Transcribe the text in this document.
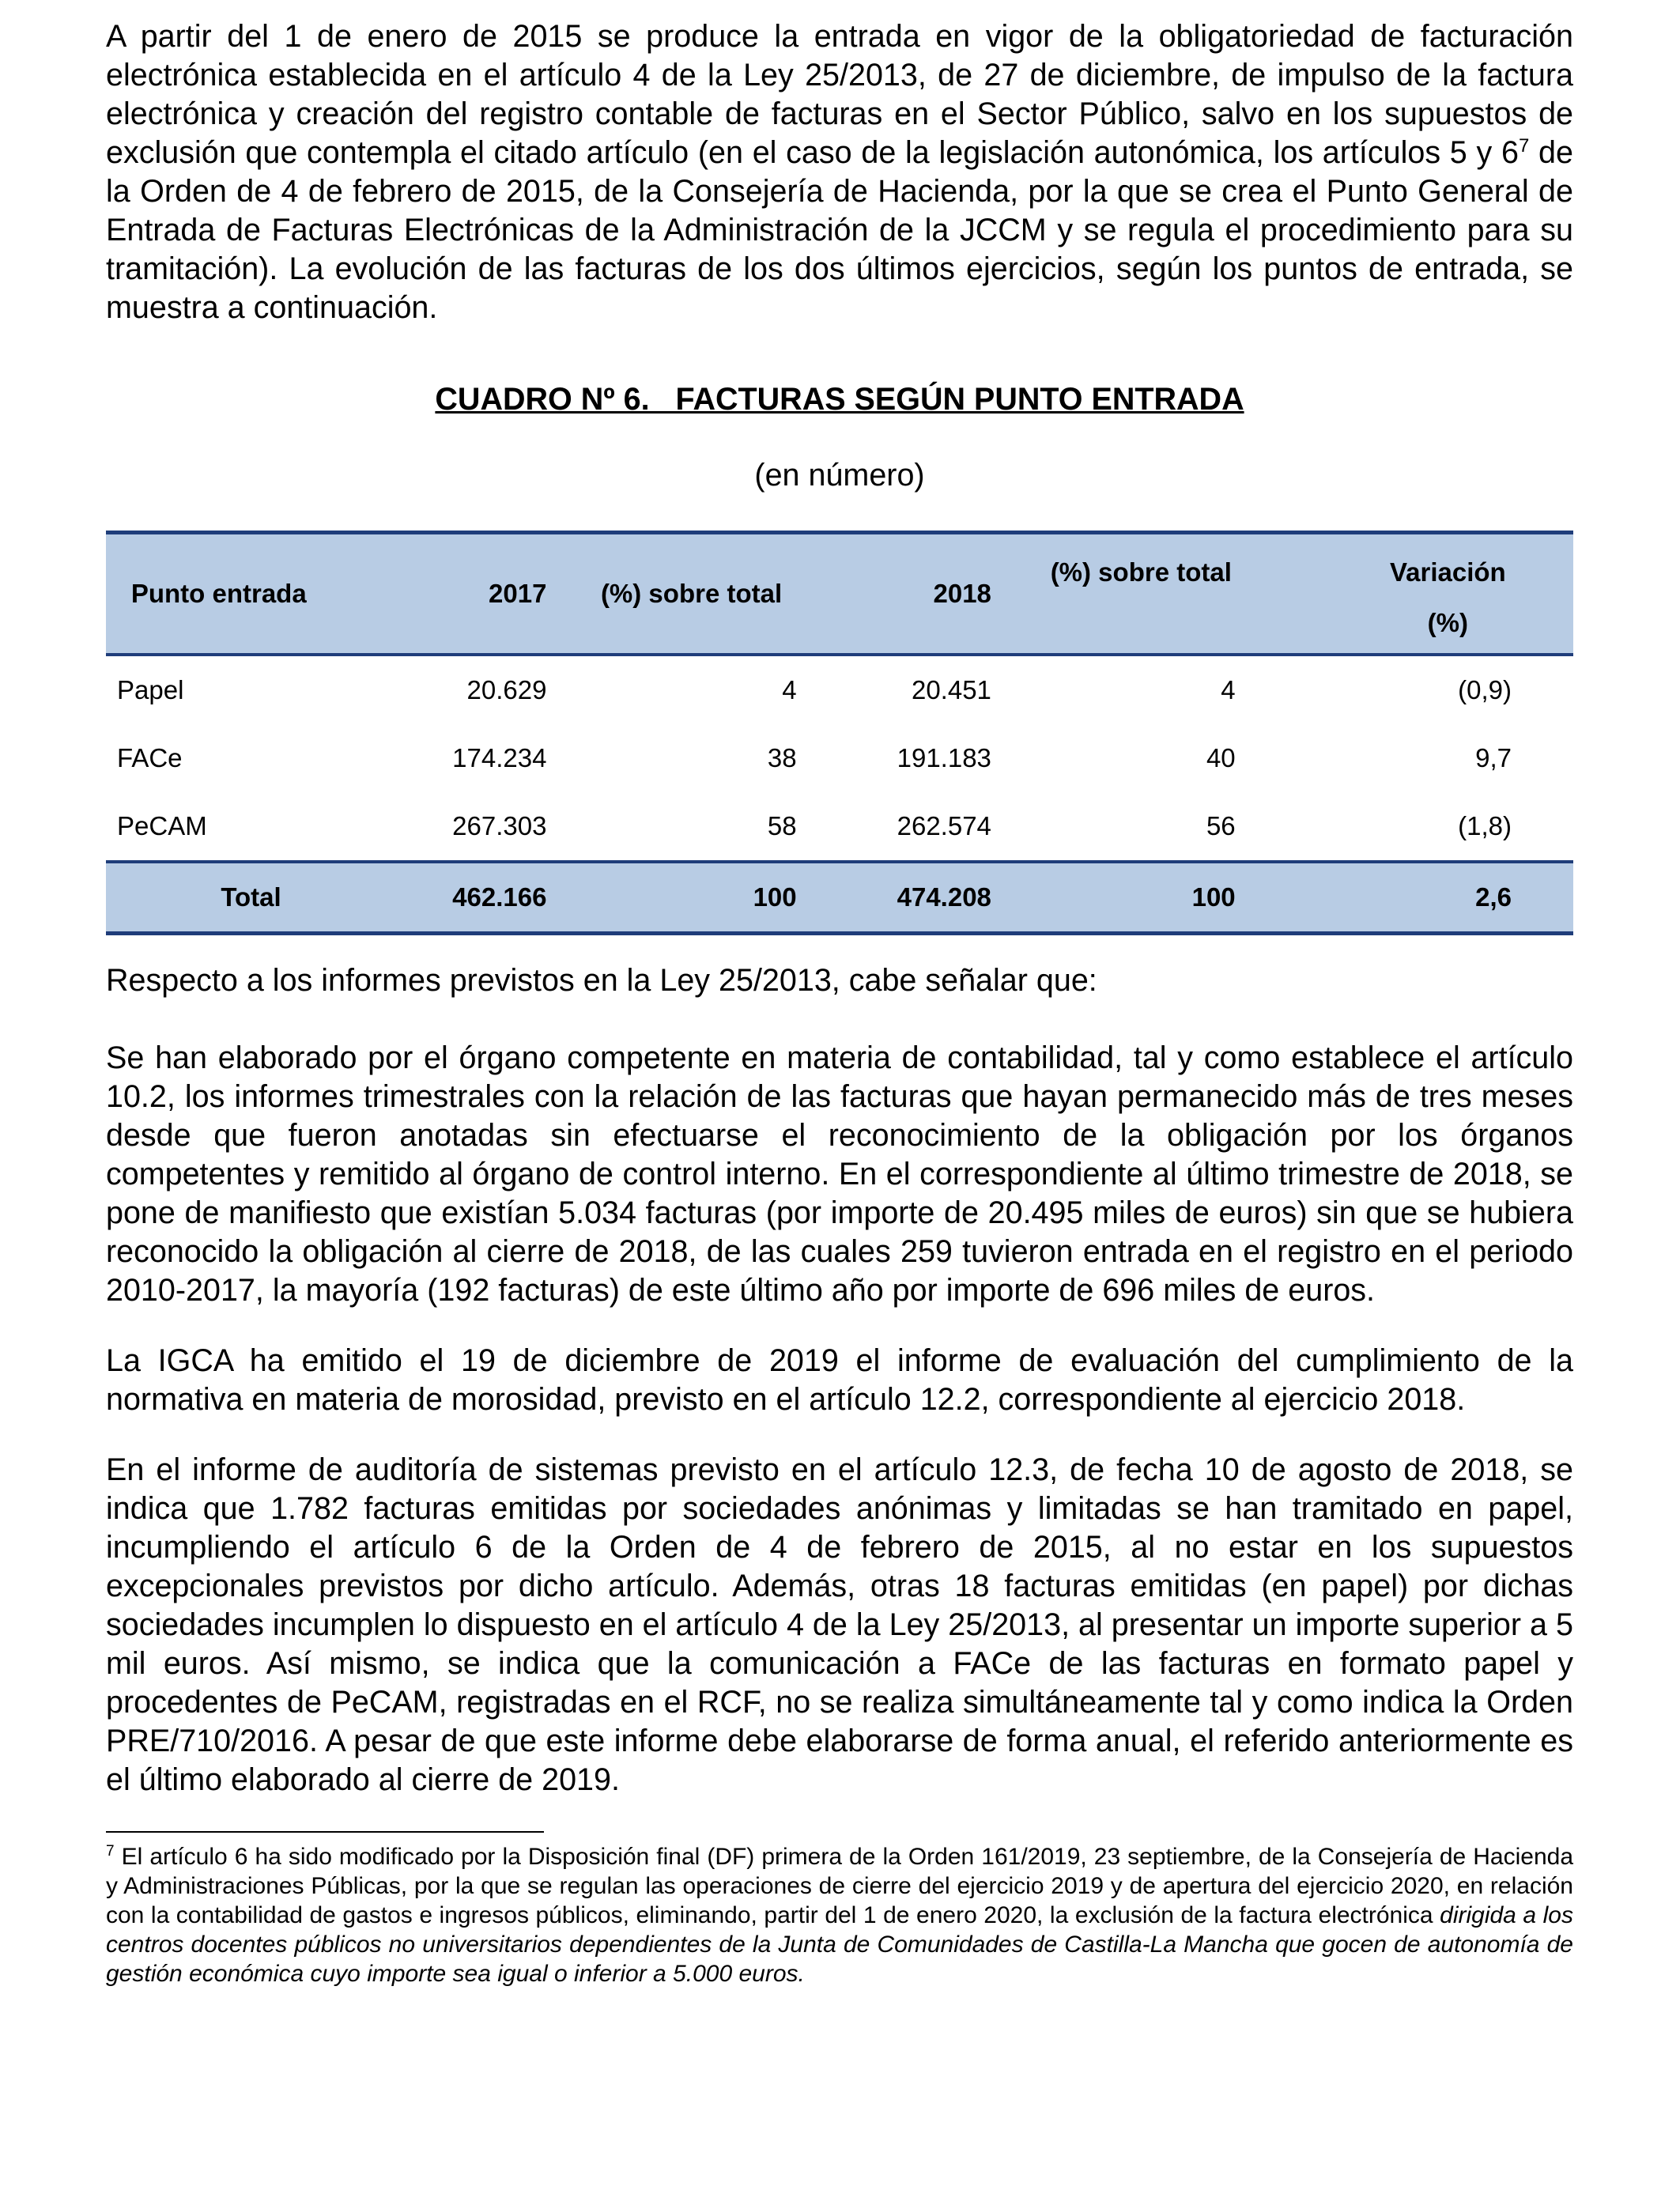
A partir del 1 de enero de 2015 se produce la entrada en vigor de la obligatoriedad de facturación electrónica establecida en el artículo 4 de la Ley 25/2013, de 27 de diciembre, de impulso de la factura electrónica y creación del registro contable de facturas en el Sector Público, salvo en los supuestos de exclusión que contempla el citado artículo (en el caso de la legislación autonómica, los artículos 5 y $6^7$ de la Orden de 4 de febrero de 2015, de la Consejería de Hacienda, por la que se crea el Punto General de Entrada de Facturas Electrónicas de la Administración de la JCCM y se regula el procedimiento para su tramitación). La evolución de las facturas de los dos últimos ejercicios, según los puntos de entrada, se muestra a continuación.

CUADRO Nº 6.   FACTURAS SEGÚN PUNTO ENTRADA

(en número)

Punto entrada	2017	(%) sobre total	2018	(%) sobre total	Variación
(%)

Papel	20.629	4	20.451	4	(0,9)
FACe	174.234	38	191.183	40	9,7
PeCAM	267.303	58	262.574	56	(1,8)
Total	462.166	100	474.208	100	2,6

Respecto a los informes previstos en la Ley 25/2013, cabe señalar que:

Se han elaborado por el órgano competente en materia de contabilidad, tal y como establece el artículo 10.2, los informes trimestrales con la relación de las facturas que hayan permanecido más de tres meses desde que fueron anotadas sin efectuarse el reconocimiento de la obligación por los órganos competentes y remitido al órgano de control interno. En el correspondiente al último trimestre de 2018, se pone de manifiesto que existían 5.034 facturas (por importe de 20.495 miles de euros) sin que se hubiera reconocido la obligación al cierre de 2018, de las cuales 259 tuvieron entrada en el registro en el periodo 2010-2017, la mayoría (192 facturas) de este último año por importe de 696 miles de euros.

La IGCA ha emitido el 19 de diciembre de 2019 el informe de evaluación del cumplimiento de la normativa en materia de morosidad, previsto en el artículo 12.2, correspondiente al ejercicio 2018.

En el informe de auditoría de sistemas previsto en el artículo 12.3, de fecha 10 de agosto de 2018, se indica que 1.782 facturas emitidas por sociedades anónimas y limitadas se han tramitado en papel, incumpliendo el artículo 6 de la Orden de 4 de febrero de 2015, al no estar en los supuestos excepcionales previstos por dicho artículo. Además, otras 18 facturas emitidas (en papel) por dichas sociedades incumplen lo dispuesto en el artículo 4 de la Ley 25/2013, al presentar un importe superior a 5 mil euros. Así mismo, se indica que la comunicación a FACe de las facturas en formato papel y procedentes de PeCAM, registradas en el RCF, no se realiza simultáneamente tal y como indica la Orden PRE/710/2016. A pesar de que este informe debe elaborarse de forma anual, el referido anteriormente es el último elaborado al cierre de 2019.

$^7$ El artículo 6 ha sido modificado por la Disposición final (DF) primera de la Orden 161/2019, 23 septiembre, de la Consejería de Hacienda y Administraciones Públicas, por la que se regulan las operaciones de cierre del ejercicio 2019 y de apertura del ejercicio 2020, en relación con la contabilidad de gastos e ingresos públicos, eliminando, partir del 1 de enero 2020, la exclusión de la factura electrónica dirigida a los centros docentes públicos no universitarios dependientes de la Junta de Comunidades de Castilla-La Mancha que gocen de autonomía de gestión económica cuyo importe sea igual o inferior a 5.000 euros.
